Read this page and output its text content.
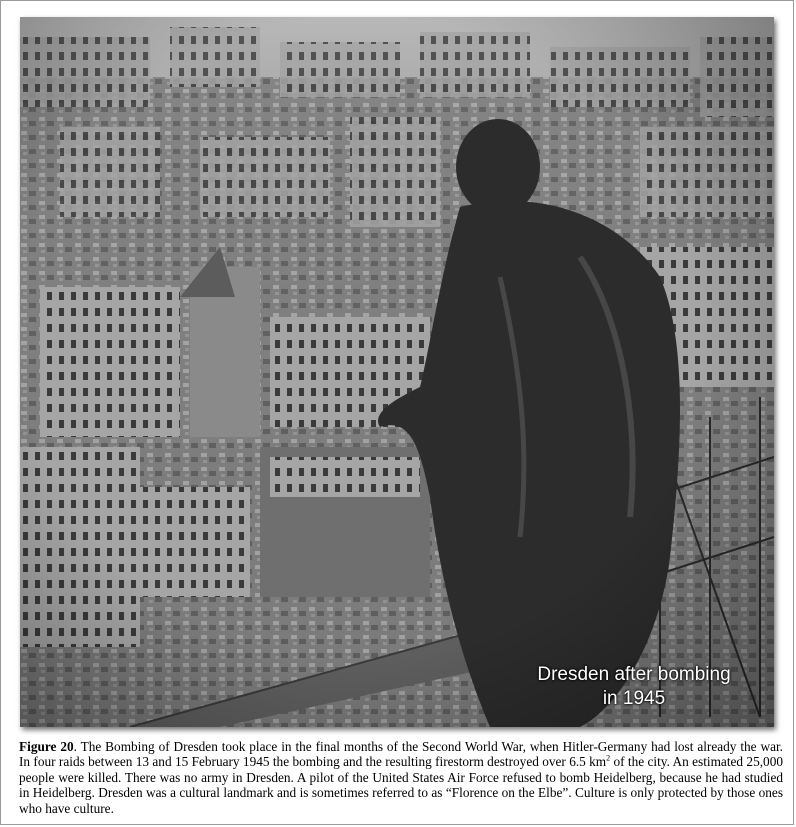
Dresden after bombing
in 1945
Figure 20. The Bombing of Dresden took place in the final months of the Second World War, when Hitler-Germany had lost already the war. In four raids between 13 and 15 February 1945 the bombing and the resulting firestorm destroyed over 6.5 $km^2$ of the city. An estimated 25,000 people were killed. There was no army in Dresden. A pilot of the United States Air Force refused to bomb Heidelberg, because he had studied in Heidelberg. Dresden was a cultural landmark and is sometimes referred to as “Florence on the Elbe”. Culture is only protected by those ones who have culture.
